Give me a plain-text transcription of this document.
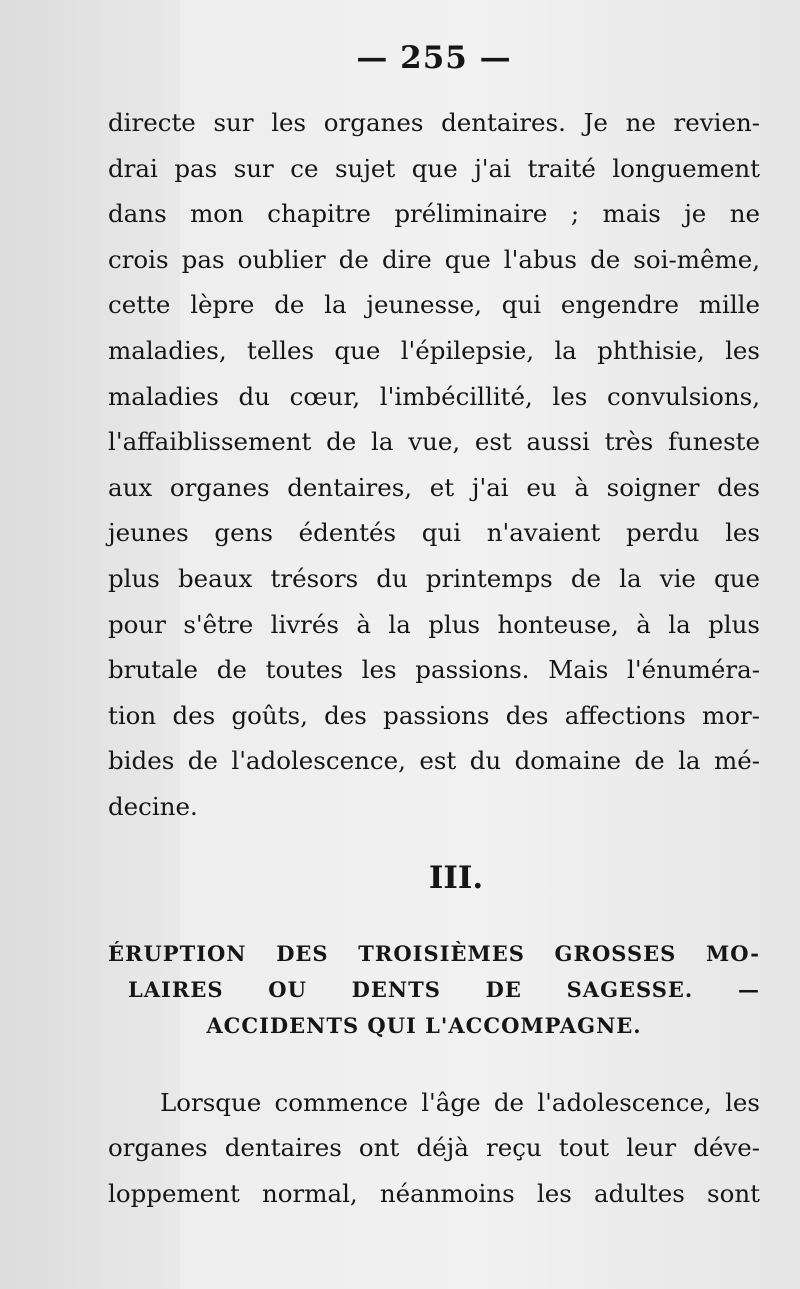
— 255 —
directe sur les organes dentaires. Je ne revien-
drai pas sur ce sujet que j'ai traité longuement
dans mon chapitre préliminaire ; mais je ne
crois pas oublier de dire que l'abus de soi-même,
cette lèpre de la jeunesse, qui engendre mille
maladies, telles que l'épilepsie, la phthisie, les
maladies du cœur, l'imbécillité, les convulsions,
l'affaiblissement de la vue, est aussi très funeste
aux organes dentaires, et j'ai eu à soigner des
jeunes gens édentés qui n'avaient perdu les
plus beaux trésors du printemps de la vie que
pour s'être livrés à la plus honteuse, à la plus
brutale de toutes les passions. Mais l'énuméra-
tion des goûts, des passions des affections mor-
bides de l'adolescence, est du domaine de la mé-
decine.
III.
ÉRUPTION DES TROISIÈMES GROSSES MO-
LAIRES OU DENTS DE SAGESSE. —
ACCIDENTS QUI L'ACCOMPAGNE.
Lorsque commence l'âge de l'adolescence, les
organes dentaires ont déjà reçu tout leur déve-
loppement normal, néanmoins les adultes sont
